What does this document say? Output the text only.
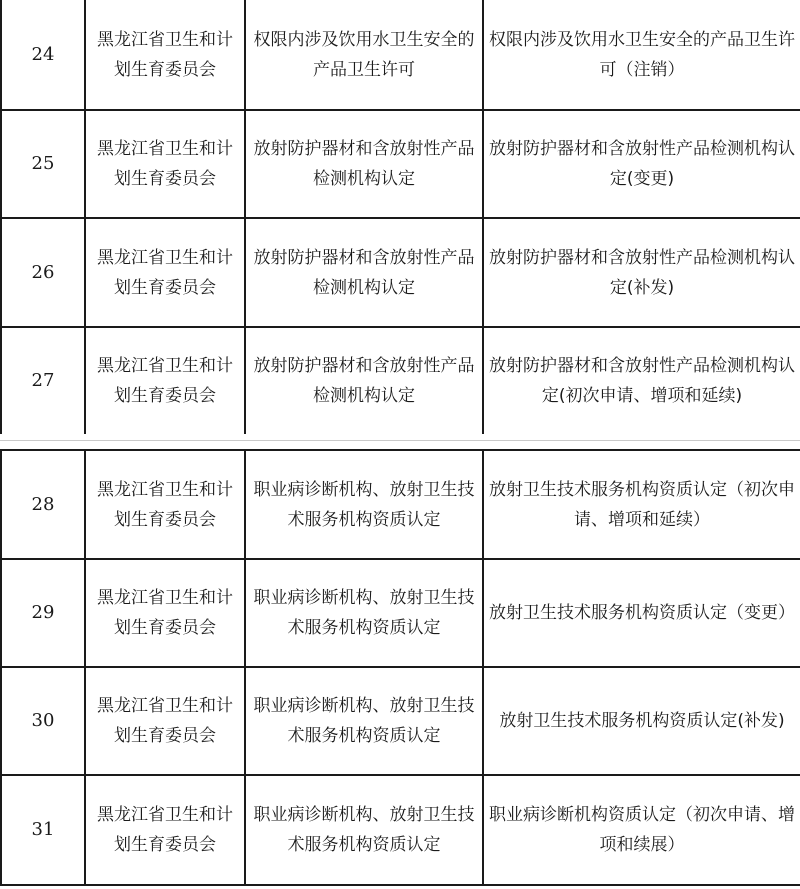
24	黑龙江省卫生和计划生育委员会	权限内涉及饮用水卫生安全的产品卫生许可	权限内涉及饮用水卫生安全的产品卫生许可（注销）
25	黑龙江省卫生和计划生育委员会	放射防护器材和含放射性产品检测机构认定	放射防护器材和含放射性产品检测机构认定(变更)
26	黑龙江省卫生和计划生育委员会	放射防护器材和含放射性产品检测机构认定	放射防护器材和含放射性产品检测机构认定(补发)
27	黑龙江省卫生和计划生育委员会	放射防护器材和含放射性产品检测机构认定	放射防护器材和含放射性产品检测机构认定(初次申请、增项和延续)
28	黑龙江省卫生和计划生育委员会	职业病诊断机构、放射卫生技术服务机构资质认定	放射卫生技术服务机构资质认定（初次申请、增项和延续）
29	黑龙江省卫生和计划生育委员会	职业病诊断机构、放射卫生技术服务机构资质认定	放射卫生技术服务机构资质认定（变更）
30	黑龙江省卫生和计划生育委员会	职业病诊断机构、放射卫生技术服务机构资质认定	放射卫生技术服务机构资质认定(补发)
31	黑龙江省卫生和计划生育委员会	职业病诊断机构、放射卫生技术服务机构资质认定	职业病诊断机构资质认定（初次申请、增项和续展）
